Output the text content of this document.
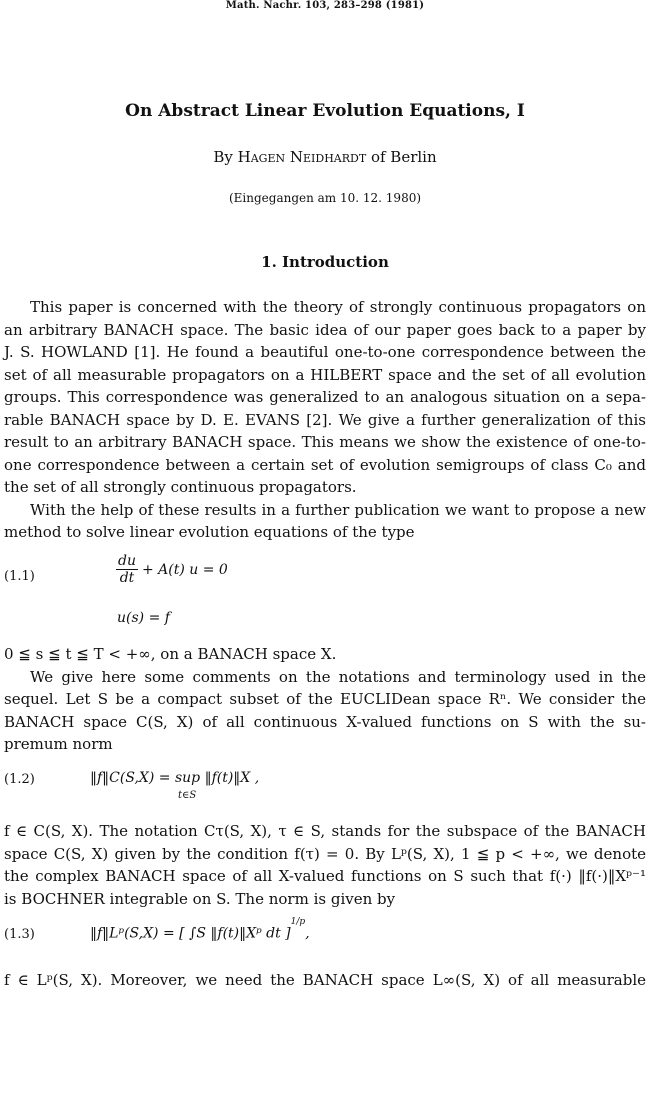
Math. Nachr. 103, 283–298 (1981)
On Abstract Linear Evolution Equations, I
By Hagen Neidhardt of Berlin
(Eingegangen am 10. 12. 1980)
1. Introduction
This paper is concerned with the theory of strongly continuous propagators on
an arbitrary BANACH space. The basic idea of our paper goes back to a paper by
J. S. HOWLAND [1]. He found a beautiful one-to-one correspondence between the
set of all measurable propagators on a HILBERT space and the set of all evolution
groups. This correspondence was generalized to an analogous situation on a sepa-
rable BANACH space by D. E. EVANS [2]. We give a further generalization of this
result to an arbitrary BANACH space. This means we show the existence of one-to-
one correspondence between a certain set of evolution semigroups of class C₀ and
the set of all strongly continuous propagators.
With the help of these results in a further publication we want to propose a new
method to solve linear evolution equations of the type
(1.1)	$\frac{du}{dt} + A(t) u = 0$
u(s) = f
0 ≦ s ≦ t ≦ T < +∞, on a BANACH space X.
We give here some comments on the notations and terminology used in the
sequel. Let S be a compact subset of the EUCLIDean space Rⁿ. We consider the
BANACH space C(S, X) of all continuous X-valued functions on S with the su-
premum norm
(1.2)	‖f‖C(S,X) = sup ‖f(t)‖X ,
t∈S
f ∈ C(S, X). The notation Cτ(S, X), τ ∈ S, stands for the subspace of the BANACH
space C(S, X) given by the condition f(τ) = 0. By Lᵖ(S, X), 1 ≦ p < +∞, we denote
the complex BANACH space of all X-valued functions on S such that f(·) ‖f(·)‖Xᵖ⁻¹
is BOCHNER integrable on S. The norm is given by
(1.3)	‖f‖Lᵖ(S,X) = [ ∫S ‖f(t)‖Xᵖ dt ]$^{1/p}$,
f ∈ Lᵖ(S, X). Moreover, we need the BANACH space L∞(S, X) of all measurable
